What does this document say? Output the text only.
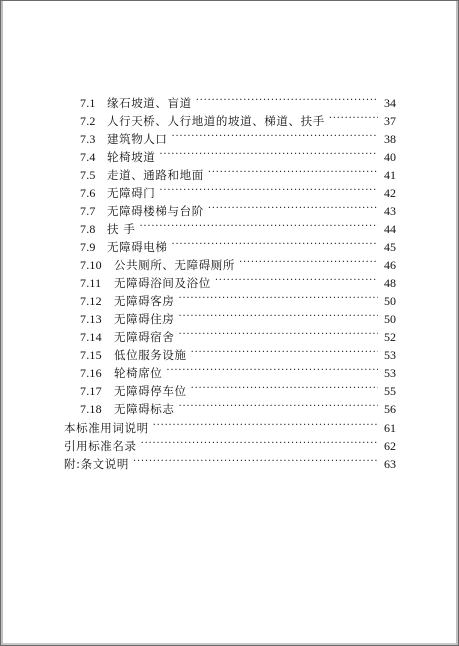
7.1 缘石坡道、盲道 · · ·	34
7.2 人行天桥、人行地道的坡道、梯道、扶手 · · ·	37
7.3 建筑物人口 · · ·	38
7.4 轮椅坡道 · · ·	40
7.5 走道、通路和地面 · · ·	41
7.6 无障碍门 · · ·	42
7.7 无障碍楼梯与台阶 · · ·	43
7.8 扶 手 · · ·	44
7.9 无障碍电梯 · · ·	45
7.10	公共厕所、无障碍厕所 · · ·	46
7.11	无障碍浴间及浴位 · · ·	48
7.12	无障碍客房 · · ·	50
7.13	无障碍住房 · · ·	50
7.14	无障碍宿舍 · · ·	52
7.15	低位服务设施 · · ·	53
7.16	轮椅席位 · · ·	53
7.17	无障碍停车位 · · ·	55
7.18	无障碍标志 · · ·	56
本标准用词说明 · · ·	61
引用标准名录 · · ·	62
附:条文说明 · · ·	63
